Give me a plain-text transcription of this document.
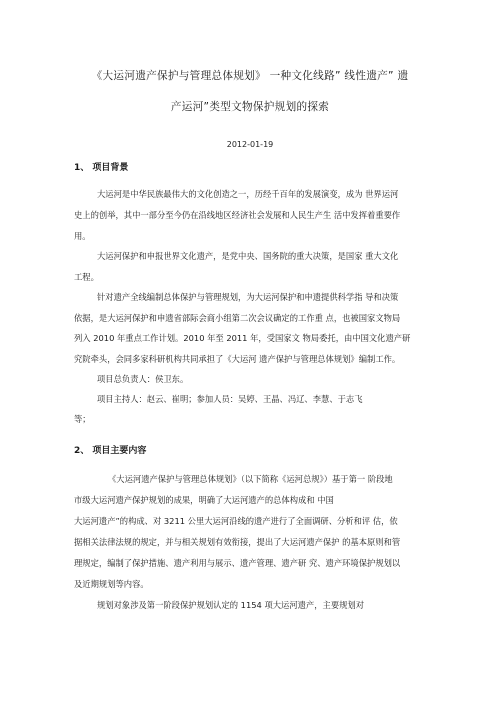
《大运河遗产保护与管理总体规划》 一种文化线路” 线性遗产” 遗
产运河”类型文物保护规划的探索
2012-01-19
1、 项目背景
大运河是中华民族最伟大的文化创造之一，历经千百年的发展演变，成为 世界运河
史上的创举，其中一部分至今仍在沿线地区经济社会发展和人民生产生 活中发挥着重要作
用。
大运河保护和申报世界文化遗产，是党中央、国务院的重大决策，是国家 重大文化
工程。
针对遗产全线编制总体保护与管理规划，为大运河保护和申遗提供科学指 导和决策
依据，是大运河保护和申遗省部际会商小组第二次会议确定的工作重 点，也被国家文物局
列入 2010 年重点工作计划。2010 年至 2011 年，受国家文 物局委托，由中国文化遗产研
究院牵头，会同多家科研机构共同承担了《大运河 遗产保护与管理总体规划》编制工作。
项目总负责人：侯卫东。
项目主持人：赵云、崔明；参加人员：吴婷、王晶、冯辽、李慧、于志飞
等；
2、 项目主要内容
《大运河遗产保护与管理总体规划》（以下简称《运河总规》）基于第一 阶段地
市级大运河遗产保护规划的成果，明确了大运河遗产的总体构成和 中国
大运河遗产”的构成、对 3211 公里大运河沿线的遗产进行了全面调研、分析和评 估，依
据相关法律法规的规定，并与相关规划有效衔接，提出了大运河遗产保护 的基本原则和管
理规定，编制了保护措施、遗产利用与展示、遗产管理、遗产研 究、遗产环境保护规划以
及近期规划等内容。
规划对象涉及第一阶段保护规划认定的 1154 项大运河遗产，主要规划对
